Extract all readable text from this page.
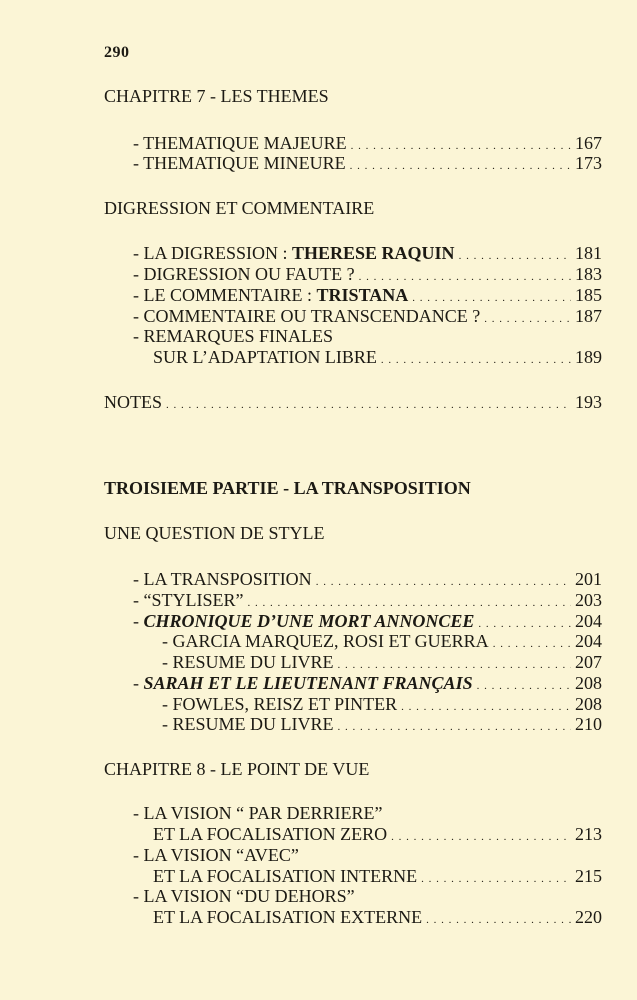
290
CHAPITRE 7 - LES THEMES
- THEMATIQUE MAJEURE . . .	167
- THEMATIQUE MINEURE . . .	173
DIGRESSION ET COMMENTAIRE
- LA DIGRESSION : THERESE RAQUIN . . .	181
- DIGRESSION OU FAUTE ? . . .	183
- LE COMMENTAIRE : TRISTANA . . .	185
- COMMENTAIRE OU TRANSCENDANCE ? . . .	187
- REMARQUES FINALES
SUR L’ADAPTATION LIBRE . . .	189
NOTES . . .	193
TROISIEME PARTIE - LA TRANSPOSITION
UNE QUESTION DE STYLE
- LA TRANSPOSITION . . .	201
- “STYLISER” . . .	203
- CHRONIQUE D’UNE MORT ANNONCEE . . .	204
- GARCIA MARQUEZ, ROSI ET GUERRA . . .	204
- RESUME DU LIVRE . . .	207
- SARAH ET LE LIEUTENANT FRANÇAIS . . .	208
- FOWLES, REISZ ET PINTER . . .	208
- RESUME DU LIVRE . . .	210
CHAPITRE 8 - LE POINT DE VUE
- LA VISION “ PAR DERRIERE”
ET LA FOCALISATION ZERO . . .	213
- LA VISION “AVEC”
ET LA FOCALISATION INTERNE . . .	215
- LA VISION “DU DEHORS”
ET LA FOCALISATION EXTERNE . . .	220
